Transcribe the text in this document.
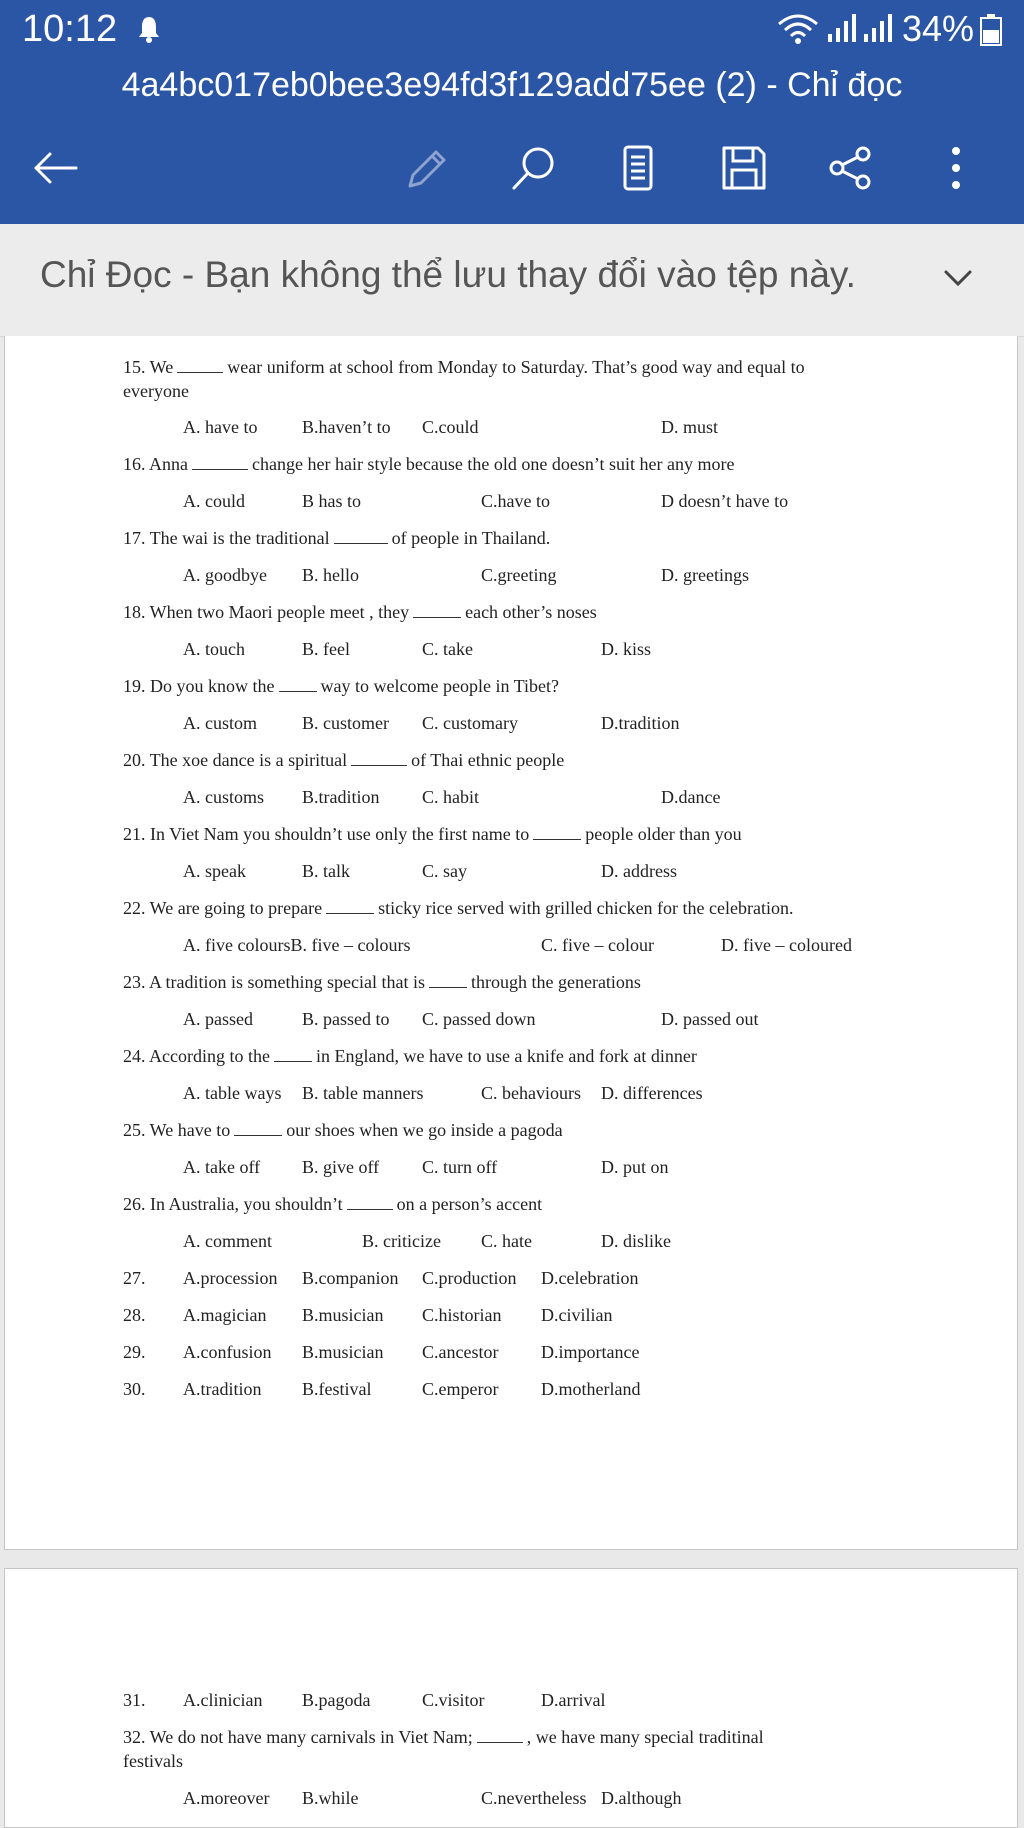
10:12	34%
4a4bc017eb0bee3e94fd3f129add75ee (2) - Chỉ đọc
Chỉ Đọc - Bạn không thể lưu thay đổi vào tệp này.
15. We	wear uniform at school from Monday to Saturday. That’s good way and equal to
everyone
A. have to B.haven’t to C.could	D. must
16. Anna	change her hair style because the old one doesn’t suit her any more
A. could	B has to	C.have to	D doesn’t have to
17. The wai is the traditional	of people in Thailand.
A. goodbye B. hello	C.greeting	D. greetings
18. When two Maori people meet , they	each other’s noses
A. touch	B. feel	C. take	D. kiss
19. Do you know the	way to welcome people in Tibet?
A. custom	B. customer C. customary	D.tradition
20. The xoe dance is a spiritual	of Thai ethnic people
A. customs B.tradition C. habit	D.dance
21. In Viet Nam you shouldn’t use only the first name to	people older than you
A. speak	B. talk	C. say	D. address
22. We are going to prepare	sticky rice served with grilled chicken for the celebration.
A. five coloursB. five – colours	C. five – colour	D. five – coloured
23. A tradition is something special that is	through the generations
A. passed	B. passed to C. passed down	D. passed out
24. According to the	in England, we have to use a knife and fork at dinner
A. table ways B. table manners	C. behaviours D. differences
25. We have to	our shoes when we go inside a pagoda
A. take off B. give off C. turn off	D. put on
26. In Australia, you shouldn’t	on a person’s accent
A. comment	B. criticize C. hate	D. dislike
27. A.procession B.companion C.production D.celebration
28. A.magician B.musician C.historian D.civilian
29. A.confusion B.musician C.ancestor D.importance
30. A.tradition B.festival	C.emperor D.motherland
31. A.clinician B.pagoda	C.visitor	D.arrival
32. We do not have many carnivals in Viet Nam;	, we have many special traditinal
festivals
A.moreover B.while	C.nevertheless D.although
